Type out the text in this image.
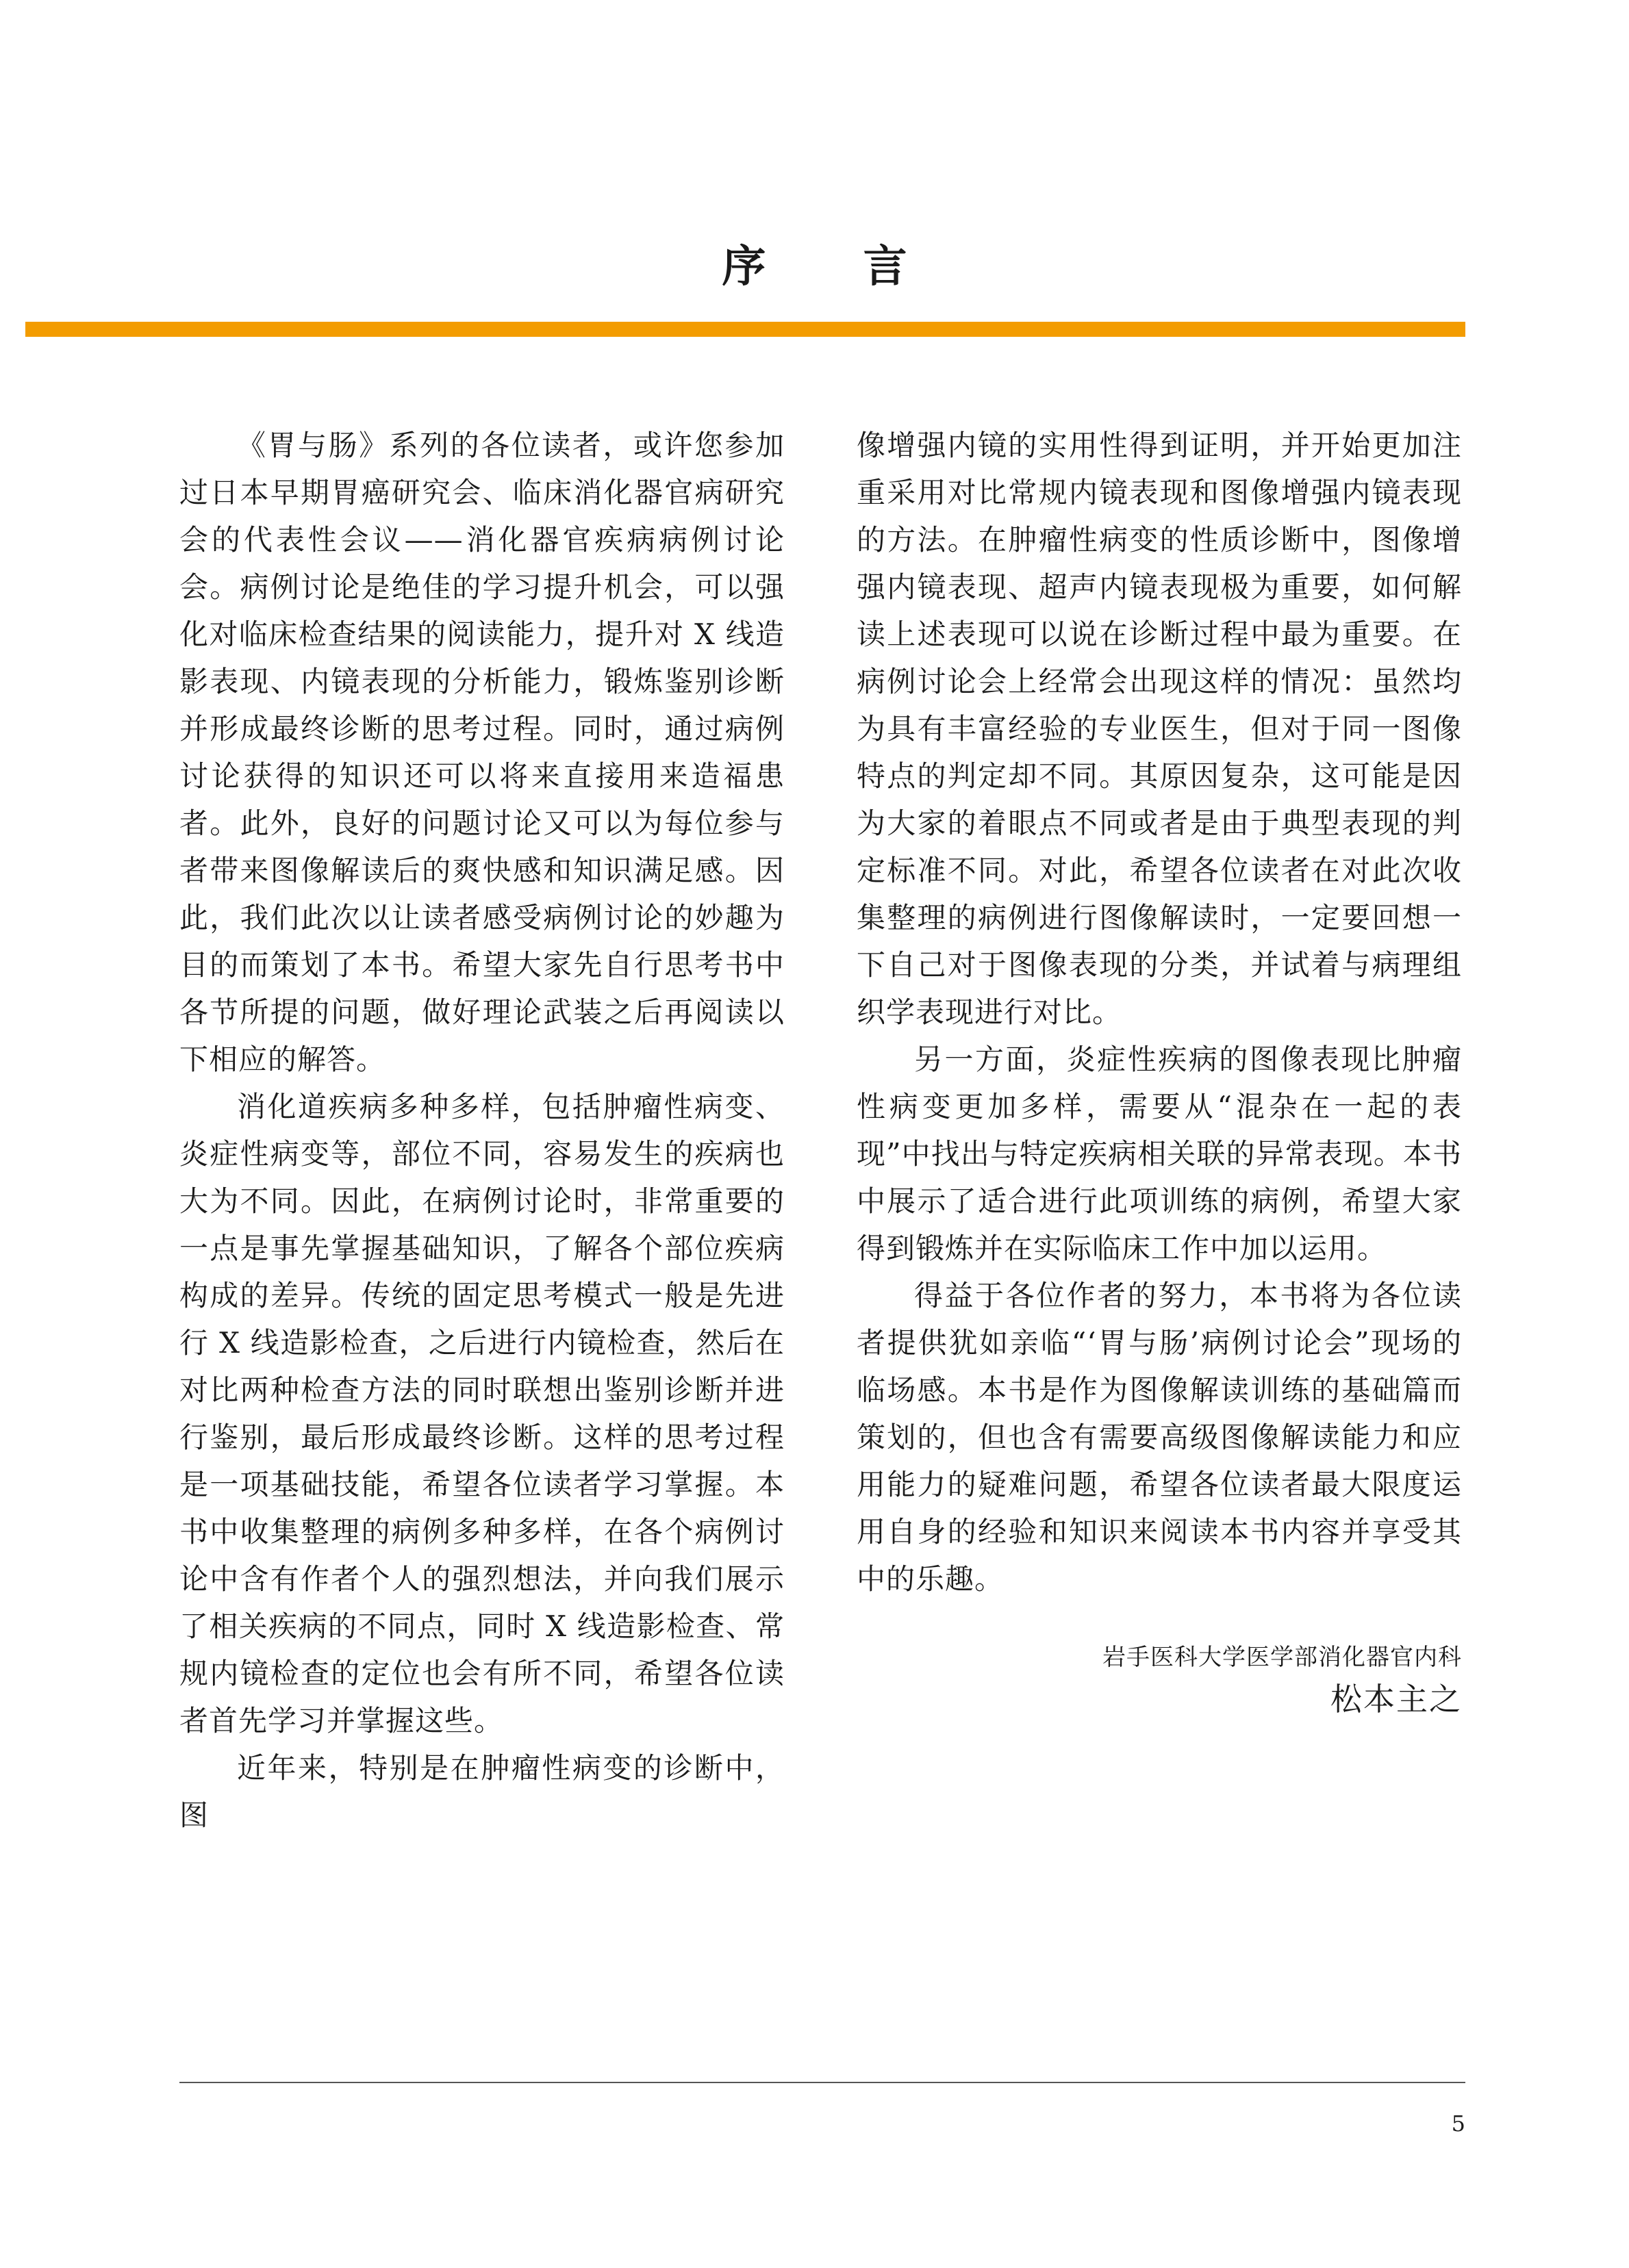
序 言

《胃与肠》系列的各位读者，或许您参加过日本早期胃癌研究会、临床消化器官病研究会的代表性会议——消化器官疾病病例讨论会。病例讨论是绝佳的学习提升机会，可以强化对临床检查结果的阅读能力，提升对 X 线造影表现、内镜表现的分析能力，锻炼鉴别诊断并形成最终诊断的思考过程。同时，通过病例讨论获得的知识还可以将来直接用来造福患者。此外，良好的问题讨论又可以为每位参与者带来图像解读后的爽快感和知识满足感。因此，我们此次以让读者感受病例讨论的妙趣为目的而策划了本书。希望大家先自行思考书中各节所提的问题，做好理论武装之后再阅读以下相应的解答。

消化道疾病多种多样，包括肿瘤性病变、炎症性病变等，部位不同，容易发生的疾病也大为不同。因此，在病例讨论时，非常重要的一点是事先掌握基础知识，了解各个部位疾病构成的差异。传统的固定思考模式一般是先进行 X 线造影检查，之后进行内镜检查，然后在对比两种检查方法的同时联想出鉴别诊断并进行鉴别，最后形成最终诊断。这样的思考过程是一项基础技能，希望各位读者学习掌握。本书中收集整理的病例多种多样，在各个病例讨论中含有作者个人的强烈想法，并向我们展示了相关疾病的不同点，同时 X 线造影检查、常规内镜检查的定位也会有所不同，希望各位读者首先学习并掌握这些。

近年来，特别是在肿瘤性病变的诊断中，图

像增强内镜的实用性得到证明，并开始更加注重采用对比常规内镜表现和图像增强内镜表现的方法。在肿瘤性病变的性质诊断中，图像增强内镜表现、超声内镜表现极为重要，如何解读上述表现可以说在诊断过程中最为重要。在病例讨论会上经常会出现这样的情况：虽然均为具有丰富经验的专业医生，但对于同一图像特点的判定却不同。其原因复杂，这可能是因为大家的着眼点不同或者是由于典型表现的判定标准不同。对此，希望各位读者在对此次收集整理的病例进行图像解读时，一定要回想一下自己对于图像表现的分类，并试着与病理组织学表现进行对比。

另一方面，炎症性疾病的图像表现比肿瘤性病变更加多样，需要从“混杂在一起的表现”中找出与特定疾病相关联的异常表现。本书中展示了适合进行此项训练的病例，希望大家得到锻炼并在实际临床工作中加以运用。

得益于各位作者的努力，本书将为各位读者提供犹如亲临“‘胃与肠’病例讨论会”现场的临场感。本书是作为图像解读训练的基础篇而策划的，但也含有需要高级图像解读能力和应用能力的疑难问题，希望各位读者最大限度运用自身的经验和知识来阅读本书内容并享受其中的乐趣。

岩手医科大学医学部消化器官内科
松本主之
5
